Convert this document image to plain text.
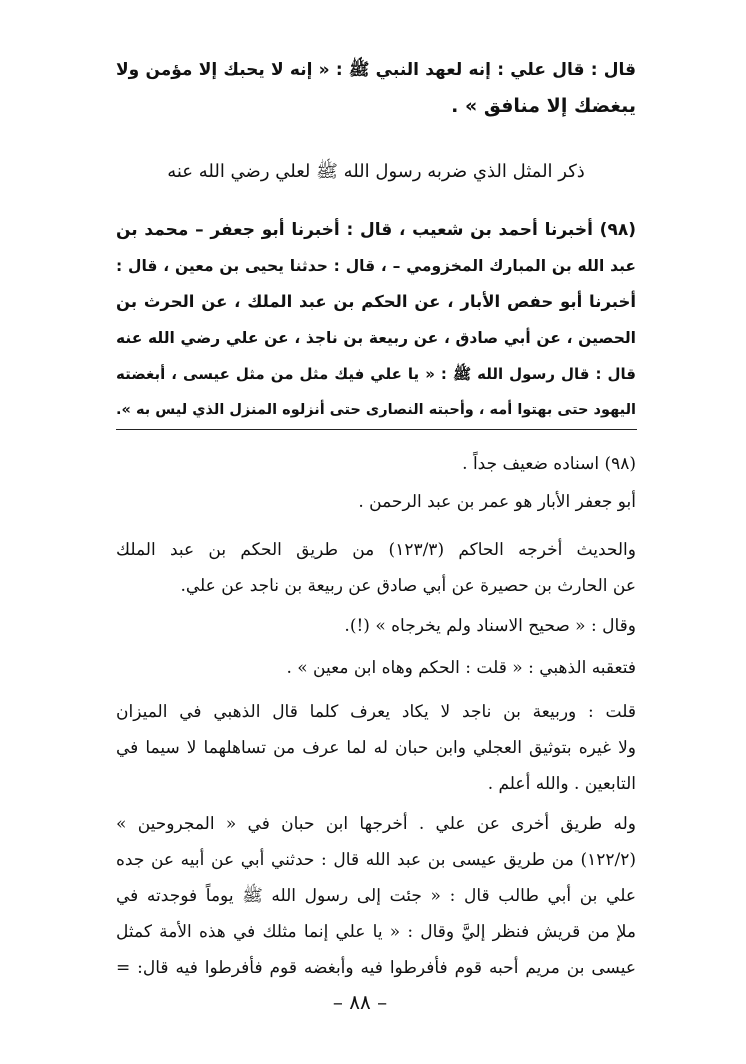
قال : قال علي : إنه لعهد النبي ﷺ : « إنه لا يحبك إلا مؤمن ولا
يبغضك إلا منافق » .
ذكر المثل الذي ضربه رسول الله ﷺ لعلي رضي الله عنه
(٩٨) أخبرنا أحمد بن شعيب ، قال : أخبرنا أبو جعفر – محمد بن
عبد الله بن المبارك المخزومي – ، قال : حدثنا يحيى بن معين ، قال :
أخبرنا أبو حفص الأبار ، عن الحكم بن عبد الملك ، عن الحرث بن
الحصين ، عن أبي صادق ، عن ربيعة بن ناجذ ، عن علي رضي الله عنه
قال : قال رسول الله ﷺ : « يا علي فيك مثل من مثل عيسى ، أبغضته
اليهود حتى بهتوا أمه ، وأحبته النصارى حتى أنزلوه المنزل الذي ليس به ».
(٩٨) اسناده ضعيف جداً .
أبو جعفر الأبار هو عمر بن عبد الرحمن .
والحديث أخرجه الحاكم (١٢٣/٣) من طريق الحكم بن عبد الملك
عن الحارث بن حصيرة عن أبي صادق عن ربيعة بن ناجد عن علي.
وقال : « صحيح الاسناد ولم يخرجاه » (!).
فتعقبه الذهبي : « قلت : الحكم وهاه ابن معين » .
قلت : وربيعة بن ناجد لا يكاد يعرف كلما قال الذهبي في الميزان
ولا غيره بتوثيق العجلي وابن حبان له لما عرف من تساهلهما لا سيما في
التابعين . والله أعلم .
وله طريق أخرى عن علي . أخرجها ابن حبان في « المجروحين »
(١٢٢/٢) من طريق عيسى بن عبد الله قال : حدثني أبي عن أبيه عن جده
علي بن أبي طالب قال : « جئت إلى رسول الله ﷺ يوماً فوجدته في
ملإ من قريش فنظر إليَّ وقال : « يا علي إنما مثلك في هذه الأمة كمثل
عيسى بن مريم أحبه قوم فأفرطوا فيه وأبغضه قوم فأفرطوا فيه قال: =
– ٨٨ –
